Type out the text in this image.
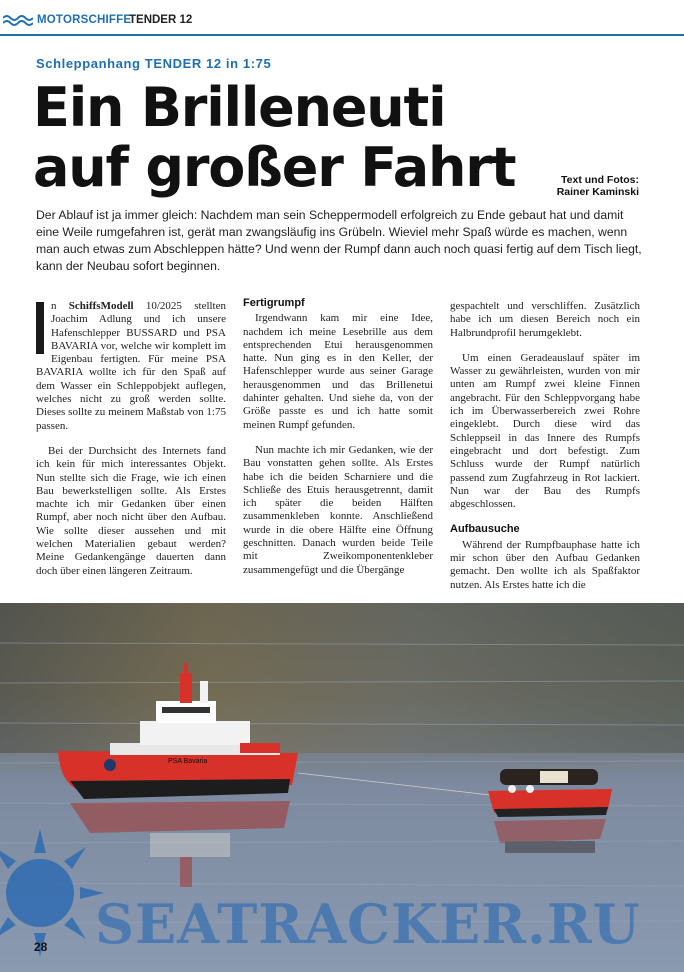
MOTORSCHIFFE
TENDER 12
Schleppanhang TENDER 12 in 1:75
Ein Brilleneuti
auf großer Fahrt	Text und Fotos:
Rainer Kaminski
Der Ablauf ist ja immer gleich: Nachdem man sein Scheppermodell erfolgreich zu Ende gebaut hat und damit eine Weile rumgefahren ist, gerät man zwangsläufig ins Grübeln. Wieviel mehr Spaß würde es machen, wenn man auch etwas zum Abschleppen hätte? Und wenn der Rumpf dann auch noch quasi fertig auf dem Tisch liegt, kann der Neubau sofort beginnen.

n SchiffsModell 10/2025 stellten Joachim Adlung und ich unsere Hafenschlepper BUSSARD und PSA BAVARIA vor, welche wir komplett im Eigenbau fertigten. Für meine PSA BAVARIA wollte ich für den Spaß auf dem Wasser ein Schleppobjekt auflegen, welches nicht zu groß werden sollte. Dieses sollte zu meinem Maßstab von 1:75 passen.

Bei der Durchsicht des Internets fand ich kein für mich interessantes Objekt. Nun stellte sich die Frage, wie ich einen Bau bewerkstelligen sollte. Als Erstes machte ich mir Gedanken über einen Rumpf, aber noch nicht über den Aufbau. Wie sollte dieser aussehen und mit welchen Materialien gebaut werden? Meine Gedankengänge dauerten dann doch über einen längeren Zeitraum.

Fertigrumpf

Irgendwann kam mir eine Idee, nachdem ich meine Lesebrille aus dem entsprechenden Etui herausgenommen hatte. Nun ging es in den Keller, der Hafenschlepper wurde aus seiner Garage herausgenommen und das Brillenetui dahinter gehalten. Und siehe da, von der Größe passte es und ich hatte somit meinen Rumpf gefunden.

Nun machte ich mir Gedanken, wie der Bau vonstatten gehen sollte. Als Erstes habe ich die beiden Scharniere und die Schließe des Etuis herausgetrennt, damit ich später die beiden Hälften zusammenkleben konnte. Anschließend wurde in die obere Hälfte eine Öffnung geschnitten. Danach wurden beide Teile mit Zweikomponentenkleber zusammengefügt und die Übergänge

gespachtelt und verschliffen. Zusätzlich habe ich um diesen Bereich noch ein Halbrundprofil herumgeklebt.

Um einen Geradeauslauf später im Wasser zu gewährleisten, wurden von mir unten am Rumpf zwei kleine Finnen angebracht. Für den Schleppvorgang habe ich im Überwasserbereich zwei Rohre eingeklebt. Durch diese wird das Schleppseil in das Innere des Rumpfs eingebracht und dort befestigt. Zum Schluss wurde der Rumpf natürlich passend zum Zugfahrzeug in Rot lackiert. Nun war der Bau des Rumpfs abgeschlossen.

Aufbausuche

Während der Rumpfbauphase hatte ich mir schon über den Aufbau Gedanken gemacht. Den wollte ich als Spaßfaktor nutzen. Als Erstes hatte ich die

PSA Bavaria
SEATRACKER.RU
28
